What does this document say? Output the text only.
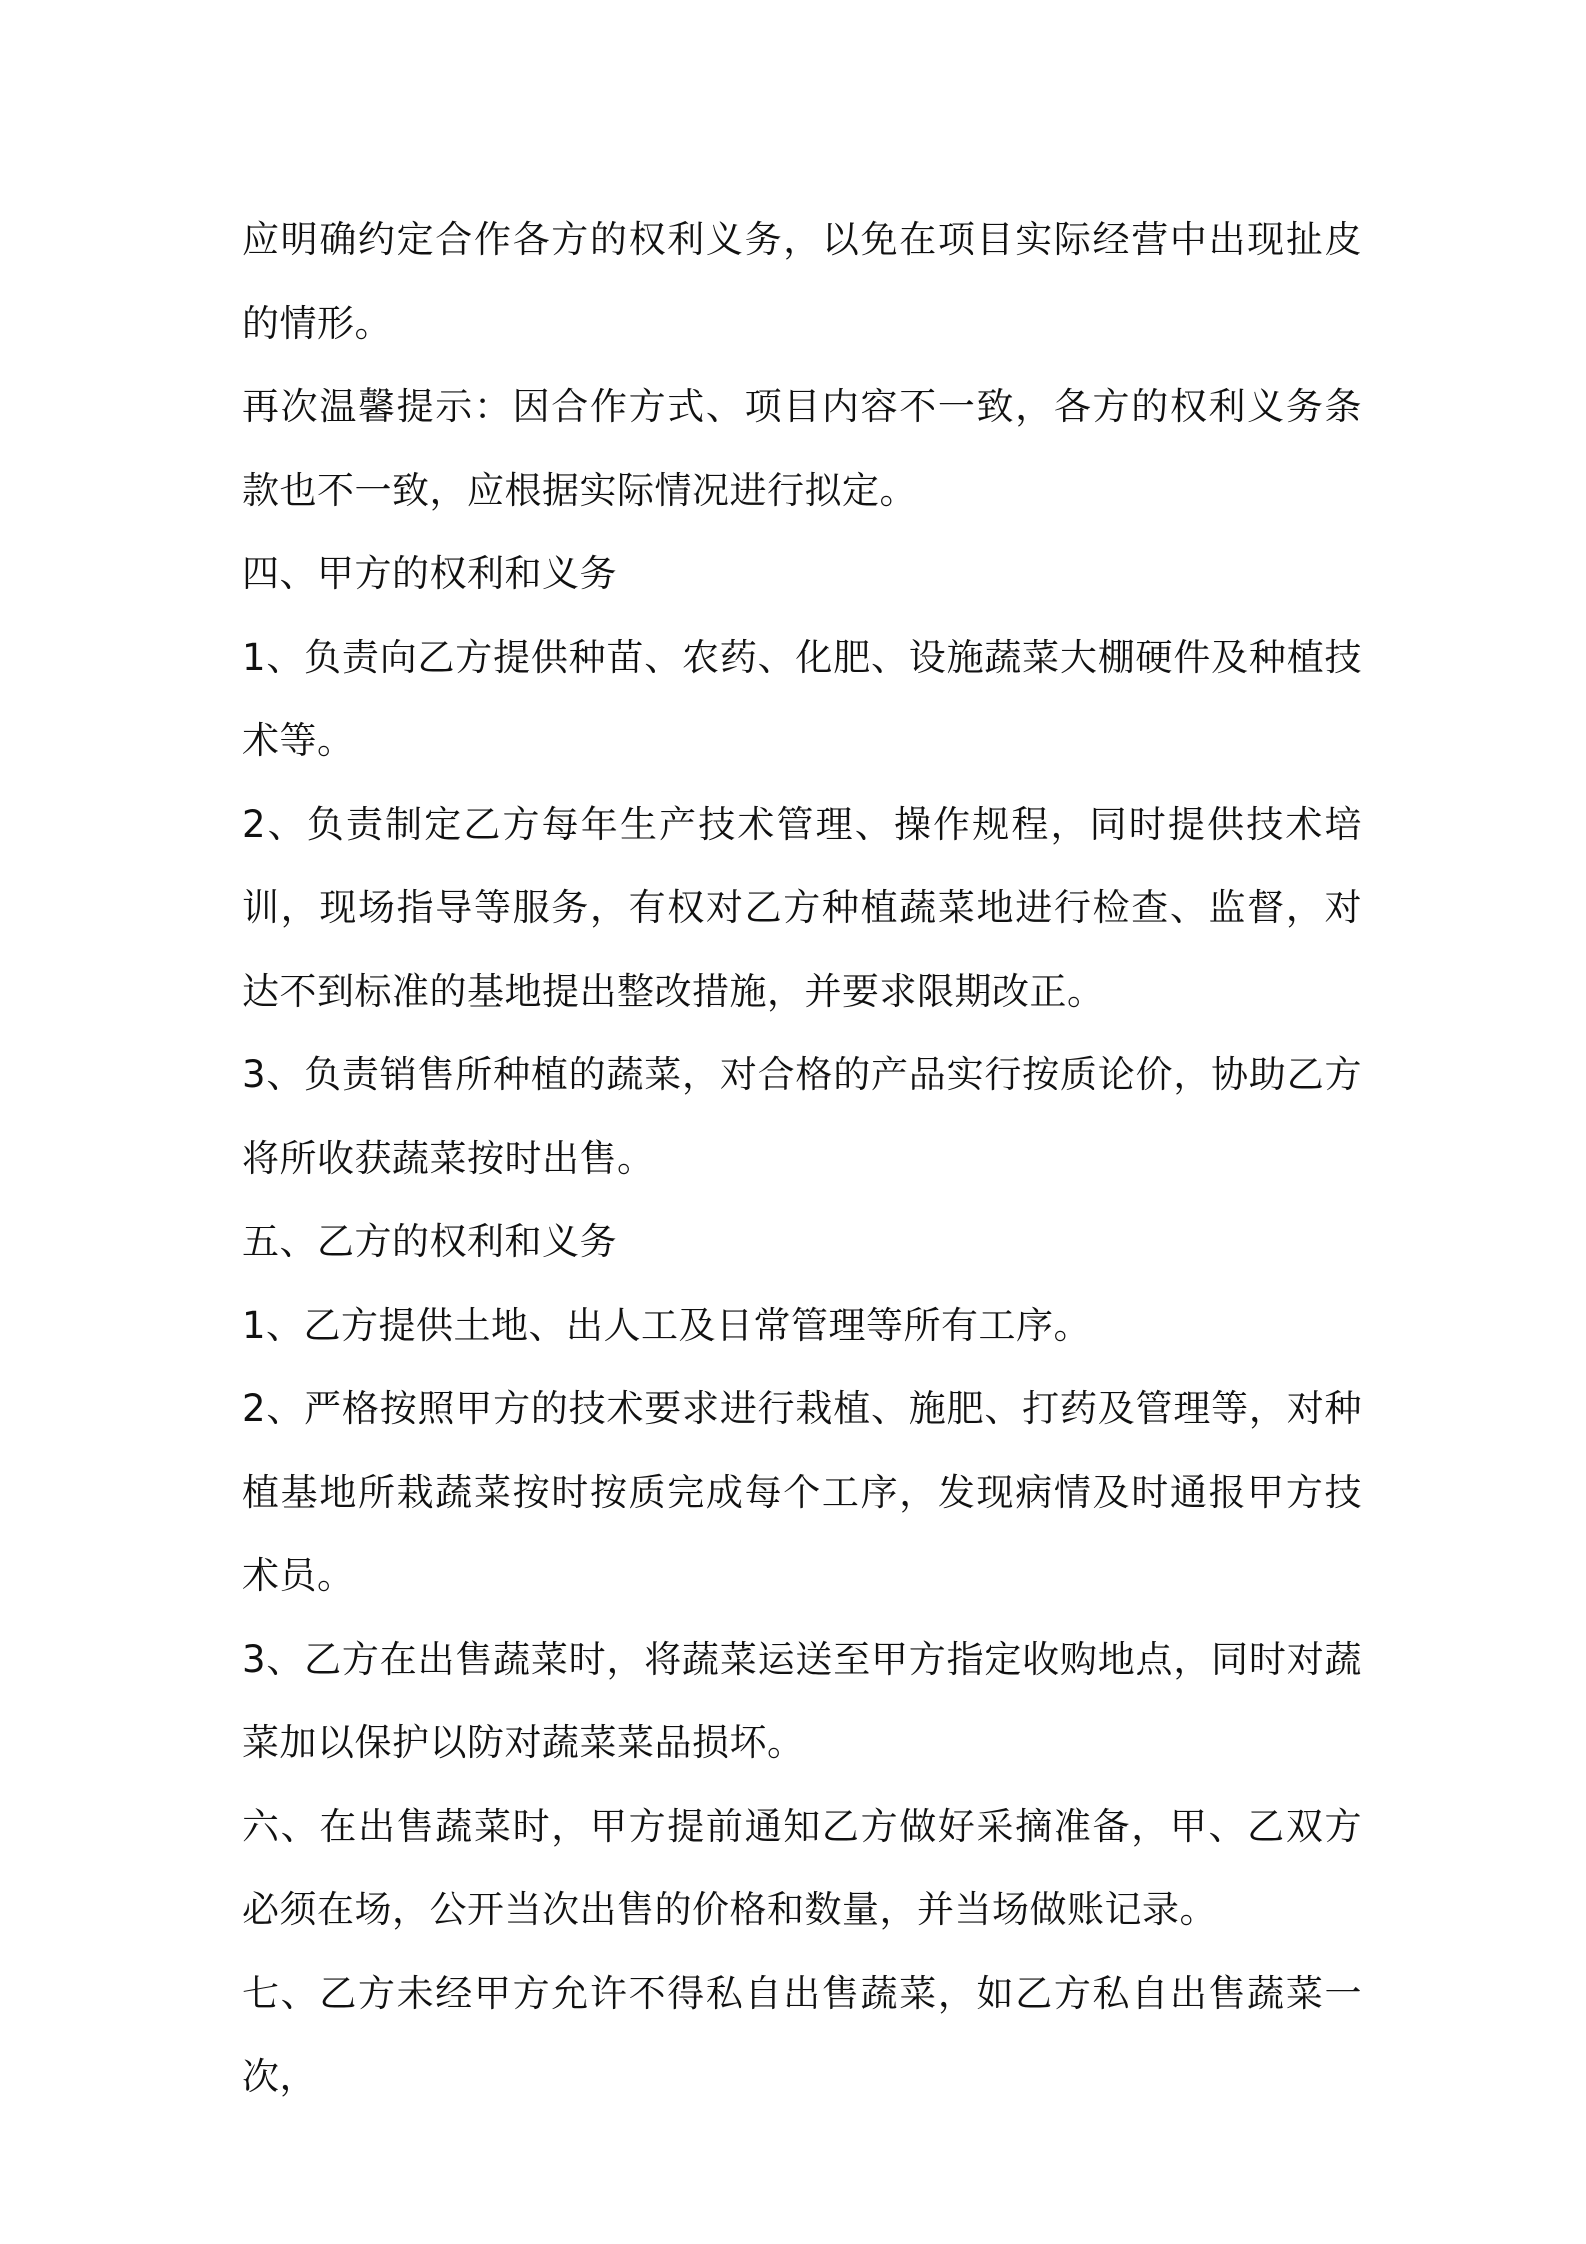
应明确约定合作各方的权利义务，以免在项目实际经营中出现扯皮的情形。

再次温馨提示：因合作方式、项目内容不一致，各方的权利义务条款也不一致，应根据实际情况进行拟定。

四、甲方的权利和义务

1、负责向乙方提供种苗、农药、化肥、设施蔬菜大棚硬件及种植技术等。

2、负责制定乙方每年生产技术管理、操作规程，同时提供技术培训，现场指导等服务，有权对乙方种植蔬菜地进行检查、监督，对达不到标准的基地提出整改措施，并要求限期改正。

3、负责销售所种植的蔬菜，对合格的产品实行按质论价，协助乙方将所收获蔬菜按时出售。

五、乙方的权利和义务

1、乙方提供土地、出人工及日常管理等所有工序。

2、严格按照甲方的技术要求进行栽植、施肥、打药及管理等，对种植基地所栽蔬菜按时按质完成每个工序，发现病情及时通报甲方技术员。

3、乙方在出售蔬菜时，将蔬菜运送至甲方指定收购地点，同时对蔬菜加以保护以防对蔬菜菜品损坏。

六、在出售蔬菜时，甲方提前通知乙方做好采摘准备，甲、乙双方必须在场，公开当次出售的价格和数量，并当场做账记录。

七、乙方未经甲方允许不得私自出售蔬菜，如乙方私自出售蔬菜一次，
